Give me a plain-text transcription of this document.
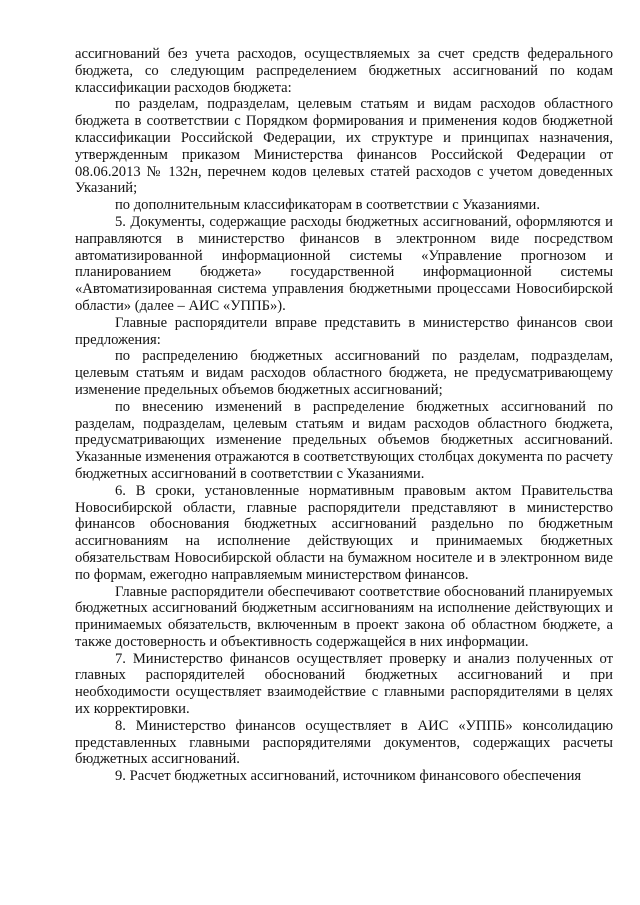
ассигнований без учета расходов, осуществляемых за счет средств федерального бюджета, со следующим распределением бюджетных ассигнований по кодам классификации расходов бюджета:

по разделам, подразделам, целевым статьям и видам расходов областного бюджета в соответствии с Порядком формирования и применения кодов бюджетной классификации Российской Федерации, их структуре и принципах назначения, утвержденным приказом Министерства финансов Российской Федерации от 08.06.2013 № 132н, перечнем кодов целевых статей расходов с учетом доведенных Указаний;

по дополнительным классификаторам в соответствии с Указаниями.

5. Документы, содержащие расходы бюджетных ассигнований, оформляются и направляются в министерство финансов в электронном виде посредством автоматизированной информационной системы «Управление прогнозом и планированием бюджета» государственной информационной системы «Автоматизированная система управления бюджетными процессами Новосибирской области» (далее – АИС «УППБ»).

Главные распорядители вправе представить в министерство финансов свои предложения:

по распределению бюджетных ассигнований по разделам, подразделам, целевым статьям и видам расходов областного бюджета, не предусматривающему изменение предельных объемов бюджетных ассигнований;

по внесению изменений в распределение бюджетных ассигнований по разделам, подразделам, целевым статьям и видам расходов областного бюджета, предусматривающих изменение предельных объемов бюджетных ассигнований. Указанные изменения отражаются в соответствующих столбцах документа по расчету бюджетных ассигнований в соответствии с Указаниями.

6. В сроки, установленные нормативным правовым актом Правительства Новосибирской области, главные распорядители представляют в министерство финансов обоснования бюджетных ассигнований раздельно по бюджетным ассигнованиям на исполнение действующих и принимаемых бюджетных обязательствам Новосибирской области на бумажном носителе и в электронном виде по формам, ежегодно направляемым министерством финансов.

Главные распорядители обеспечивают соответствие обоснований планируемых бюджетных ассигнований бюджетным ассигнованиям на исполнение действующих и принимаемых обязательств, включенным в проект закона об областном бюджете, а также достоверность и объективность содержащейся в них информации.

7. Министерство финансов осуществляет проверку и анализ полученных от главных распорядителей обоснований бюджетных ассигнований и при необходимости осуществляет взаимодействие с главными распорядителями в целях их корректировки.

8. Министерство финансов осуществляет в АИС «УППБ» консолидацию представленных главными распорядителями документов, содержащих расчеты бюджетных ассигнований.

9. Расчет бюджетных ассигнований, источником финансового обеспечения
